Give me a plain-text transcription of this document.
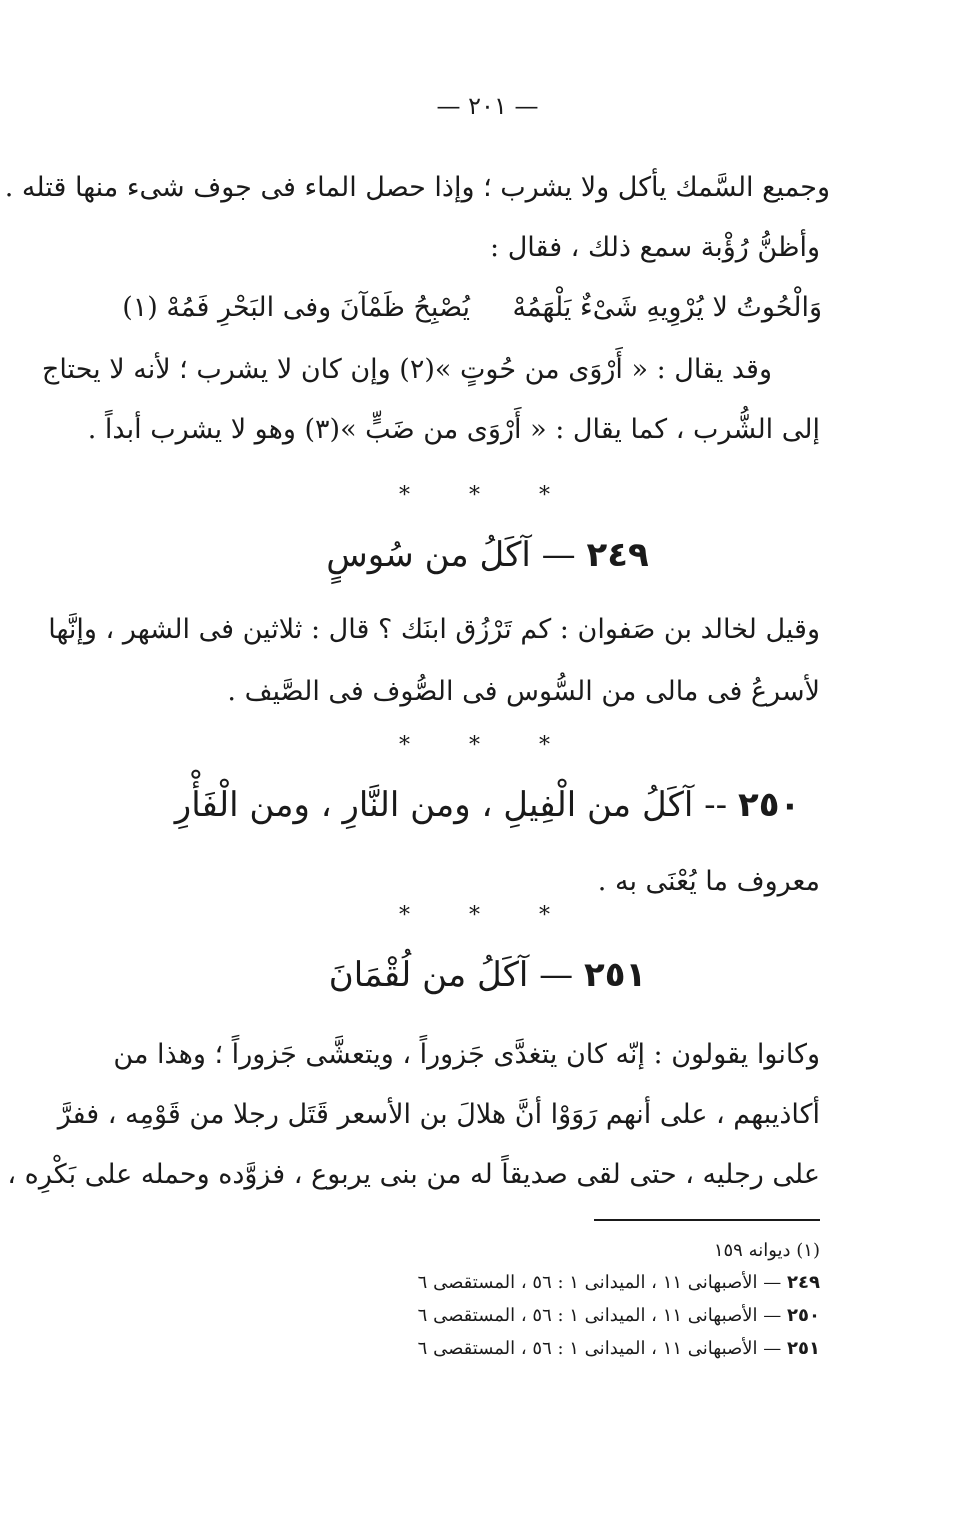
— ٢٠١ —
وجميع السَّمك يأكل ولا يشرب ؛ وإذا حصل الماء فى جوف شىء منها قتله .
وأظنُّ رُؤْبة سمع ذلك ، فقال :
وَالْحُوتُ لا يُرْوِيهِ شَىْءٌ يَلْهَمُهْ
يُصْبِحُ ظَمْآنَ وفى البَحْرِ فَمُهْ (١)
وقد يقال : « أَرْوَى من حُوتٍ »(٢) وإن كان لا يشرب ؛ لأنه لا يحتاج
إلى الشُّرب ، كما يقال : « أَرْوَى من ضَبٍّ »(٣) وهو لا يشرب أبداً .
* * *
٢٤٩ — آكَلُ من سُوسٍ
وقيل لخالد بن صَفوان : كم تَرْزُق ابنَك ؟ قال : ثلاثين فى الشهر ، وإنَّها
لأسرعُ فى مالى من السُّوس فى الصُّوف فى الصَّيف .
* * *
٢٥٠ -- آكَلُ من الْفِيلِ ، ومن النَّارِ ، ومن الْفَأْرِ
معروف ما يُعْنَى به .
* * *
٢٥١ — آكَلُ من لُقْمَانَ
وكانوا يقولون : إنّه كان يتغدَّى جَزوراً ، ويتعشَّى جَزوراً ؛ وهذا من
أكاذيبهم ، على أنهم رَوَوْا أنَّ هلالَ بن الأسعر قَتَل رجلا من قَوْمِه ، ففرَّ
على رجليه ، حتى لقى صديقاً له من بنى يربوع ، فزوَّده وحمله على بَكْرِه ،
(١) ديوانه ١٥٩
٢٤٩ — الأصبهانى ١١ ، الميدانى ١ : ٥٦ ، المستقصى ٦
٢٥٠ — الأصبهانى ١١ ، الميدانى ١ : ٥٦ ، المستقصى ٦
٢٥١ — الأصبهانى ١١ ، الميدانى ١ : ٥٦ ، المستقصى ٦
